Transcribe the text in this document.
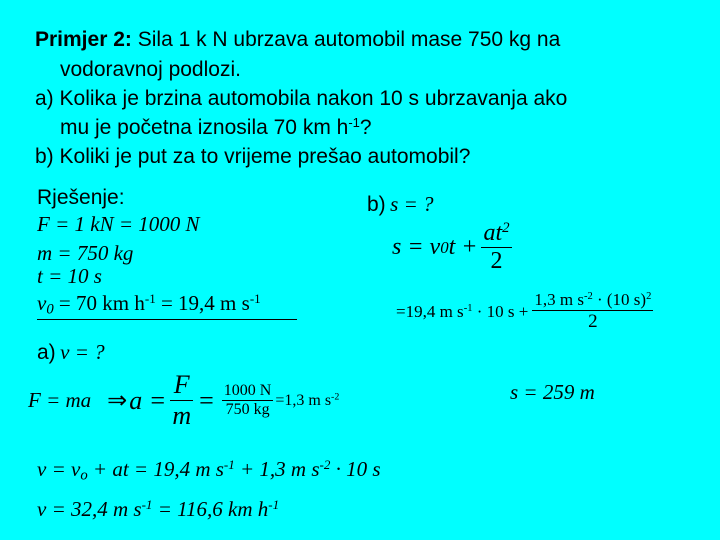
Primjer 2: Sila 1 k N ubrzava automobil mase 750 kg na
vodoravnoj podlozi.
a) Kolika je brzina automobila nakon 10 s ubrzavanja ako
mu je početna iznosila 70 km $h^{-1}$?
b) Koliki je put za to vrijeme prešao automobil?
Rješenje:
F = 1 kN = 1000 N
m = 750 kg
t = 10 s
$v_0 = 70$ km $h^{-1} = 19,4$ m $s^{-1}$
a) v = ?
F = ma ⇒ $a = \frac{F}{m} = \frac{1000 N}{750 kg} =1,3$ m $s^{-2}$
$v = v_o$ + at = 19,4 m $s^{-1} + 1,3$ m $s^{-2} \cdot 10$ s
v = 32,4 m $s^{-1} = 116,6$ km $h^{-1}$
b) s = ?
s = v 0 $t + \frac{at^2}{2}$
=19,4 m $s^{-1} \cdot 10$ $s + \frac{1,3 m s^{-2} \cdot (10 s)^2}{2}$
s = 259 m
